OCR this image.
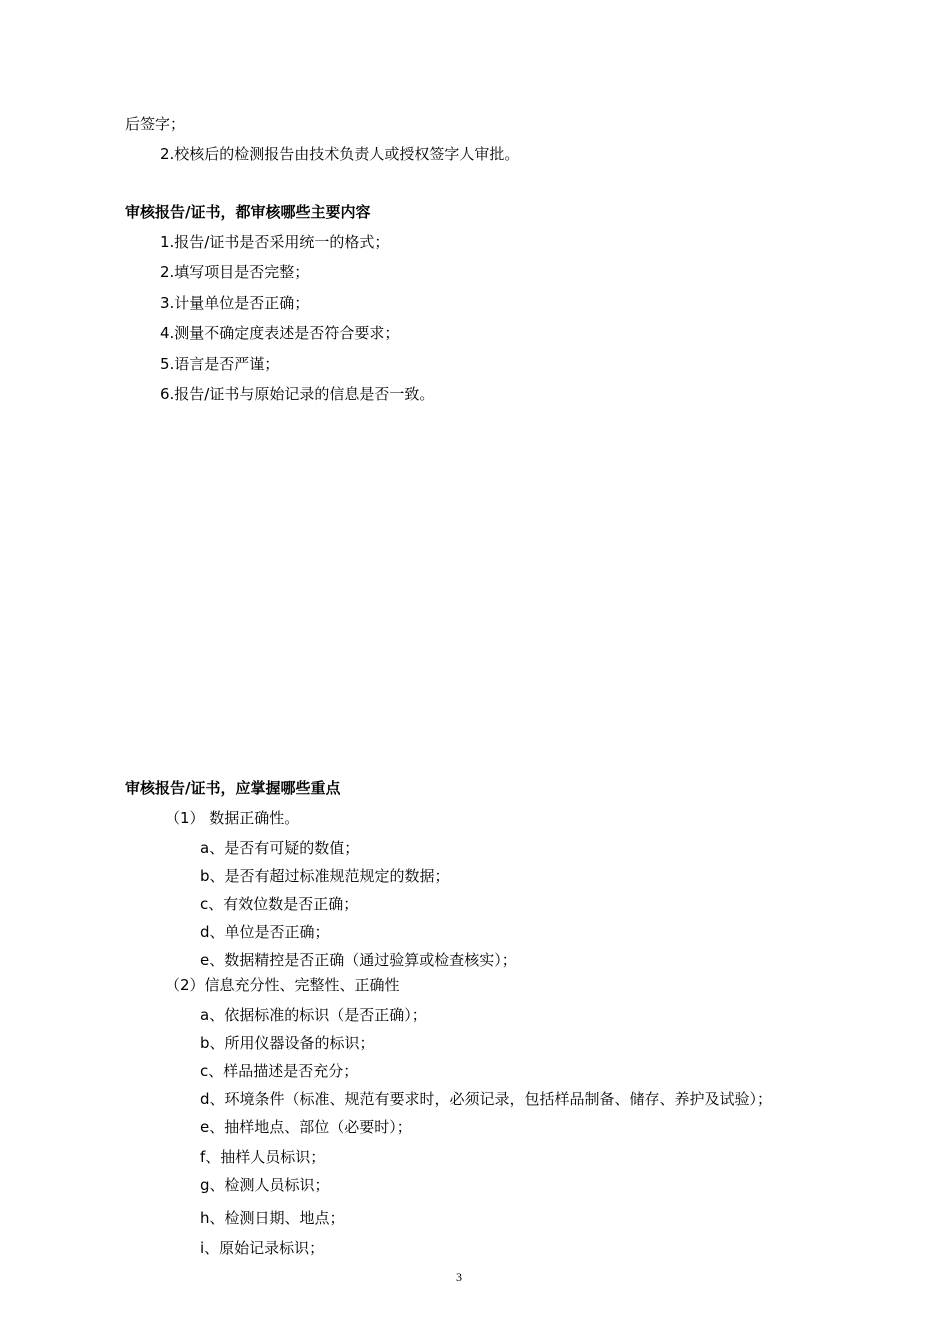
后签字；
2.校核后的检测报告由技术负责人或授权签字人审批。
审核报告/证书，都审核哪些主要内容
1.报告/证书是否采用统一的格式；
2.填写项目是否完整；
3.计量单位是否正确；
4.测量不确定度表述是否符合要求；
5.语言是否严谨；
6.报告/证书与原始记录的信息是否一致。
审核报告/证书，应掌握哪些重点
（1） 数据正确性。
a、是否有可疑的数值；
b、是否有超过标准规范规定的数据；
c、有效位数是否正确；
d、单位是否正确；
e、数据精控是否正确（通过验算或检查核实）；
（2）信息充分性、完整性、正确性
a、依据标准的标识（是否正确）；
b、所用仪器设备的标识；
c、样品描述是否充分；
d、环境条件（标准、规范有要求时，必须记录，包括样品制备、储存、养护及试验）；
e、抽样地点、部位（必要时）；
f、抽样人员标识；
g、检测人员标识；
h、检测日期、地点；
i、原始记录标识；
3
